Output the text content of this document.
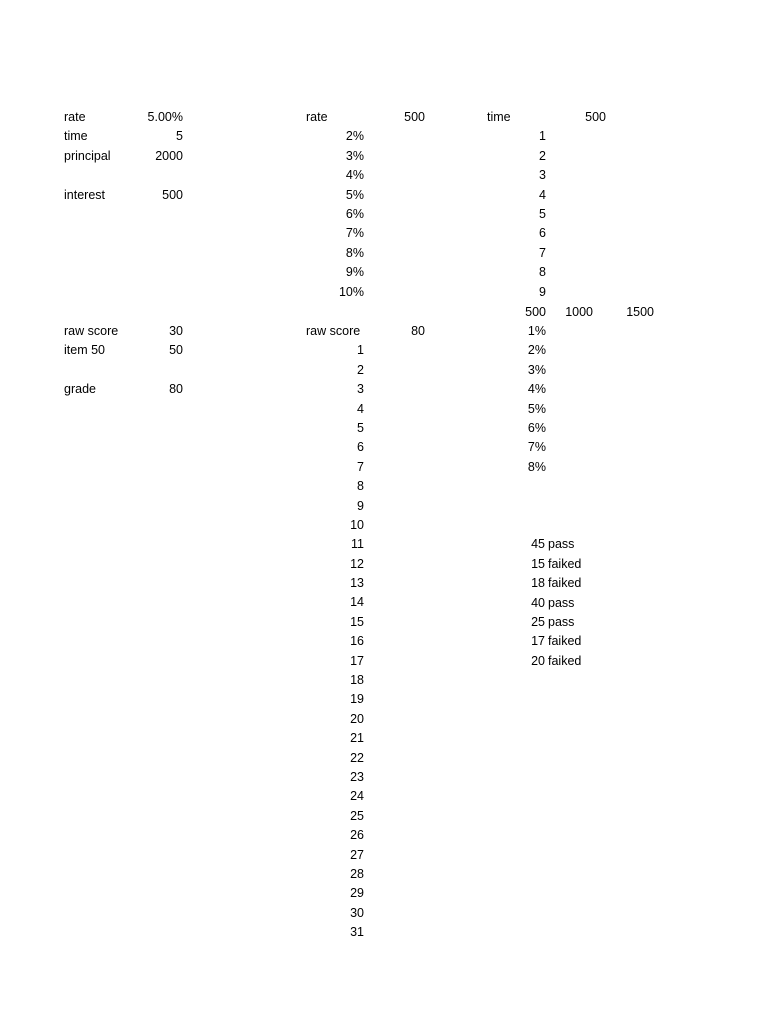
rate	5.00%
time	5
principal	2000
interest	500
raw score	30
item 50	50
grade	80
rate	500
2%
3%
4%
5%
6%
7%
8%
9%
10%
time	500
1
2
3
4
5
6
7
8
9
500	1000	1500
1%
2%
3%
4%
5%
6%
7%
8%
raw score	80
1
2
3
4
5
6
7
8
9
10
11
12
13
14
15
16
17
18
19
20
21
22
23
24
25
26
27
28
29
30
31
45 pass
15 faiked
18 faiked
40 pass
25 pass
17 faiked
20 faiked
